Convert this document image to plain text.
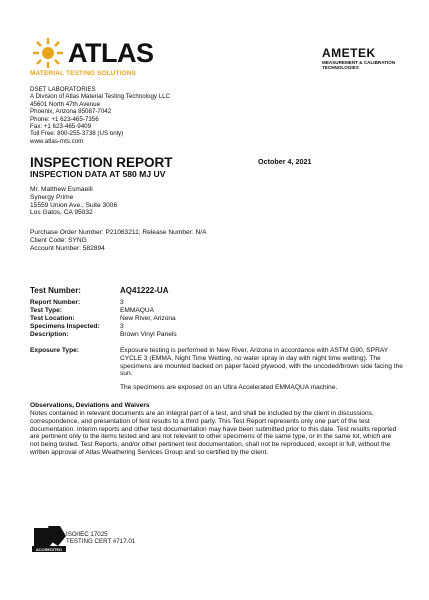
ATLAS
MATERIAL TESTING SOLUTIONS
AMETEK
MEASUREMENT & CALIBRATION
TECHNOLOGIES
DSET LABORATORIES
A Division of Atlas Material Testing Technology LLC
45601 North 47th Avenue
Phoenix, Arizona 85087-7042
Phone: +1 623-465-7356
Fax: +1 623-465-9409
Toll Free: 800-255-3738 (US only)
www.atlas-mts.com
INSPECTION REPORT
INSPECTION DATA AT 580 MJ UV
October 4, 2021
Mr. Matthew Esmaeili
Synergy Prime
15559 Union Ave., Suite 3006
Los Gatos, CA 95032
Purchase Order Number: P21063211; Release Number: N/A
Client Code: SYNG
Account Number: 582894
Test Number:	AQ41222-UA
Report Number:	3
Test Type:	EMMAQUA
Test Location:	New River, Arizona
Specimens Inspected:	3
Description:	Brown Vinyl Panels
Exposure Type:	Exposure testing is performed in New River, Arizona in accordance with ASTM G90, SPRAY CYCLE 3 (EMMA, Night Time Wetting, no water spray in day with night time wetting). The specimens are mounted backed on paper faced plywood, with the uncoded/brown side facing the sun.
The specimens are exposed on an Ultra Accelerated EMMAQUA machine.
Observations, Deviations and Waivers
Notes contained in relevant documents are an integral part of a test, and shall be included by the client in discussions, correspondence, and presentation of test results to a third party. This Test Report represents only one part of the test documentation. Interim reports and other test documentation may have been submitted prior to this date. Test results reported are pertinent only to the items tested and are not relevant to other specimens of the same type, or in the same lot, which are not being tested. Test Reports, and/or other pertinent test documentation, shall not be reproduced, except in full, without the written approval of Atlas Weathering Services Group and so certified by the client.
ACCREDITED
ISO/IEC 17025
TESTING CERT #717.01
